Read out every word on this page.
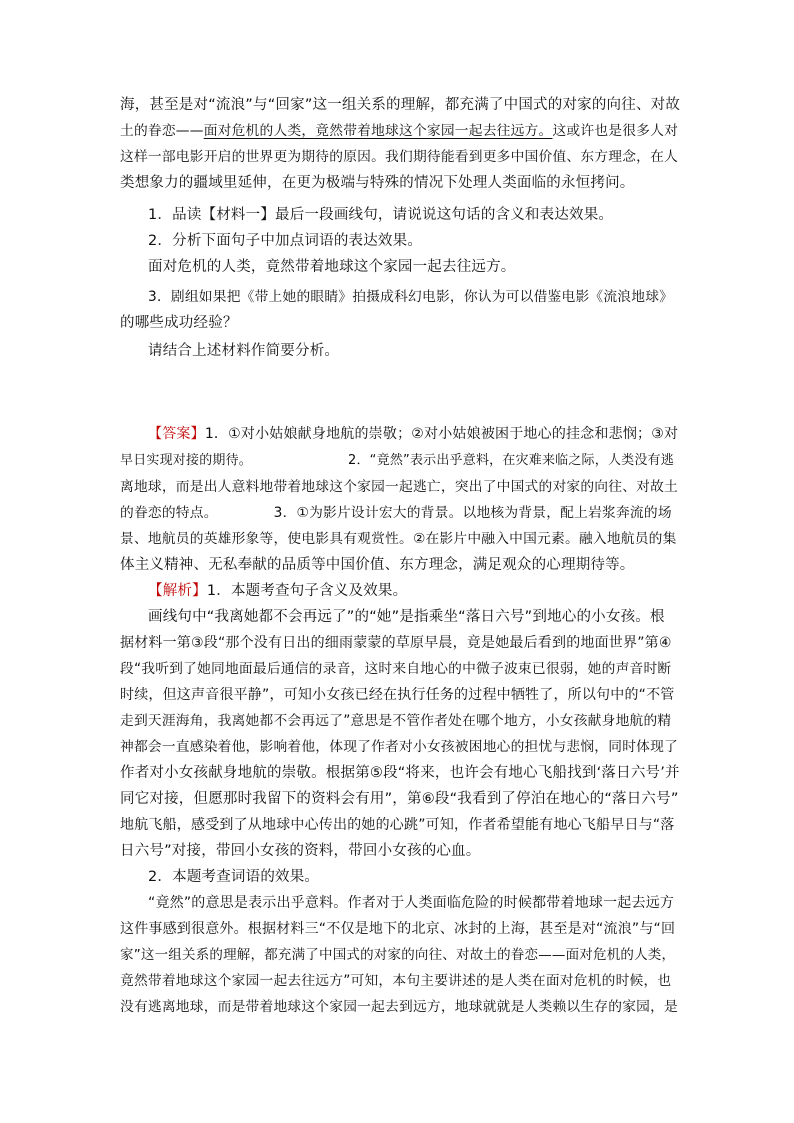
海，甚至是对“流浪”与“回家”这一组关系的理解，都充满了中国式的对家的向往、对故
土的眷恋——面对危机的人类，竟然带着地球这个家园一起去往远方。这或许也是很多人对
这样一部电影开启的世界更为期待的原因。我们期待能看到更多中国价值、东方理念，在人
类想象力的疆域里延伸，在更为极端与特殊的情况下处理人类面临的永恒拷问。
1．品读【材料一】最后一段画线句，请说说这句话的含义和表达效果。
2．分析下面句子中加点词语的表达效果。
面对危机的人类，竟然带着地球这个家园一起去往远方。
3．剧组如果把《带上她的眼睛》拍摄成科幻电影，你认为可以借鉴电影《流浪地球》
的哪些成功经验？
请结合上述材料作简要分析。
【答案】1．①对小姑娘献身地航的崇敬；②对小姑娘被困于地心的挂念和悲悯；③对
早日实现对接的期待。	2．“竟然”表示出乎意料，在灾难来临之际，人类没有逃
离地球，而是出人意料地带着地球这个家园一起逃亡，突出了中国式的对家的向往、对故土
的眷恋的特点。	3．①为影片设计宏大的背景。以地核为背景，配上岩浆奔流的场
景、地航员的英雄形象等，使电影具有观赏性。②在影片中融入中国元素。融入地航员的集
体主义精神、无私奉献的品质等中国价值、东方理念，满足观众的心理期待等。
【解析】1．本题考查句子含义及效果。
画线句中“我离她都不会再远了”的“她”是指乘坐“落日六号”到地心的小女孩。根
据材料一第③段“那个没有日出的细雨蒙蒙的草原早晨，竟是她最后看到的地面世界”第④
段“我听到了她同地面最后通信的录音，这时来自地心的中微子波束已很弱，她的声音时断
时续，但这声音很平静”，可知小女孩已经在执行任务的过程中牺牲了，所以句中的“不管
走到天涯海角，我离她都不会再远了”意思是不管作者处在哪个地方，小女孩献身地航的精
神都会一直感染着他，影响着他，体现了作者对小女孩被困地心的担忧与悲悯，同时体现了
作者对小女孩献身地航的崇敬。根据第⑤段“将来，也许会有地心飞船找到‘落日六号’并
同它对接，但愿那时我留下的资料会有用”，第⑥段“我看到了停泊在地心的“落日六号”
地航飞船，感受到了从地球中心传出的她的心跳”可知，作者希望能有地心飞船早日与“落
日六号”对接，带回小女孩的资料，带回小女孩的心血。
2．本题考查词语的效果。
“竟然”的意思是表示出乎意料。作者对于人类面临危险的时候都带着地球一起去远方
这件事感到很意外。根据材料三“不仅是地下的北京、冰封的上海，甚至是对“流浪”与“回
家”这一组关系的理解，都充满了中国式的对家的向往、对故土的眷恋——面对危机的人类，
竟然带着地球这个家园一起去往远方”可知，本句主要讲述的是人类在面对危机的时候，也
没有逃离地球，而是带着地球这个家园一起去到远方，地球就就是人类赖以生存的家园，是
